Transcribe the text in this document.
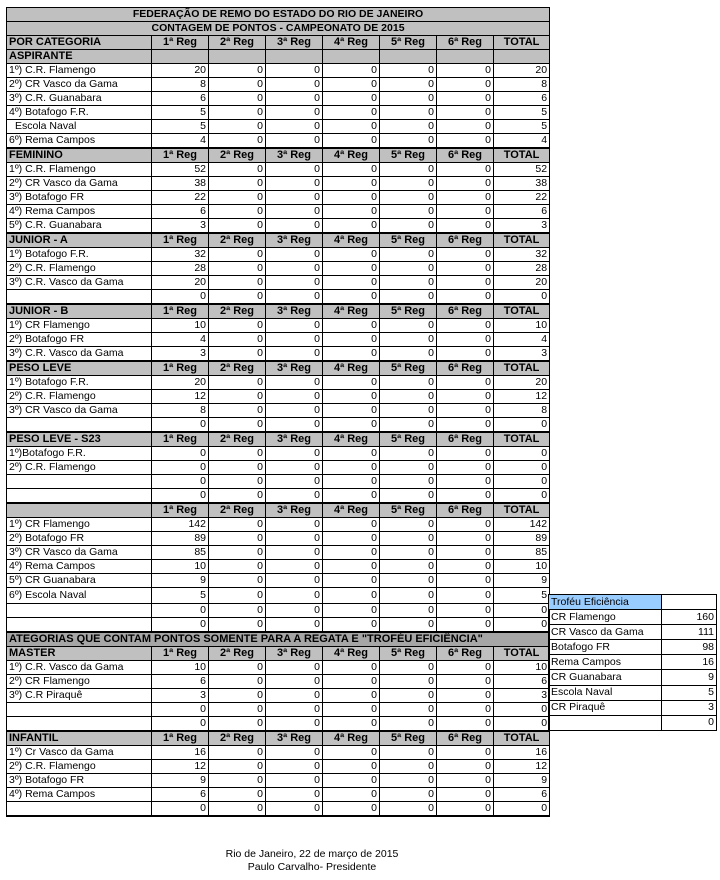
FEDERAÇÃO DE REMO DO ESTADO DO RIO DE JANEIRO							
CONTAGEM DE PONTOS - CAMPEONATO DE 2015							
POR CATEGORIA	1ª Reg	2ª Reg	3ª Reg	4ª Reg	5ª Reg	6ª Reg	TOTAL
ASPIRANTE							
1º) C.R. Flamengo	20	0	0	0	0	0	20
2º) CR Vasco da Gama	8	0	0	0	0	0	8
3º) C.R. Guanabara	6	0	0	0	0	0	6
4º) Botafogo F.R.	5	0	0	0	0	0	5
Escola Naval	5	0	0	0	0	0	5
6º) Rema Campos	4	0	0	0	0	0	4
FEMININO	1ª Reg	2ª Reg	3ª Reg	4ª Reg	5ª Reg	6ª Reg	TOTAL
1º) C.R. Flamengo	52	0	0	0	0	0	52
2º) CR Vasco da Gama	38	0	0	0	0	0	38
3º) Botafogo FR	22	0	0	0	0	0	22
4º) Rema Campos	6	0	0	0	0	0	6
5º) C.R. Guanabara	3	0	0	0	0	0	3
JUNIOR - A	1ª Reg	2ª Reg	3ª Reg	4ª Reg	5ª Reg	6ª Reg	TOTAL
1º) Botafogo F.R.	32	0	0	0	0	0	32
2º) C.R. Flamengo	28	0	0	0	0	0	28
3º) C.R. Vasco da Gama	20	0	0	0	0	0	20
	0	0	0	0	0	0	0
JUNIOR - B	1ª Reg	2ª Reg	3ª Reg	4ª Reg	5ª Reg	6ª Reg	TOTAL
1º) CR Flamengo	10	0	0	0	0	0	10
2º) Botafogo FR	4	0	0	0	0	0	4
3º) C.R. Vasco da Gama	3	0	0	0	0	0	3
PESO LEVE	1ª Reg	2ª Reg	3ª Reg	4ª Reg	5ª Reg	6ª Reg	TOTAL
1º) Botafogo F.R.	20	0	0	0	0	0	20
2º) C.R. Flamengo	12	0	0	0	0	0	12
3º) CR Vasco da Gama	8	0	0	0	0	0	8
	0	0	0	0	0	0	0
PESO LEVE - S23	1ª Reg	2ª Reg	3ª Reg	4ª Reg	5ª Reg	6ª Reg	TOTAL
1º)Botafogo F.R.	0	0	0	0	0	0	0
2º) C.R. Flamengo	0	0	0	0	0	0	0
	0	0	0	0	0	0	0
	0	0	0	0	0	0	0
	1ª Reg	2ª Reg	3ª Reg	4ª Reg	5ª Reg	6ª Reg	TOTAL
1º) CR Flamengo	142	0	0	0	0	0	142
2º) Botafogo FR	89	0	0	0	0	0	89
3º) CR Vasco da Gama	85	0	0	0	0	0	85
4º) Rema Campos	10	0	0	0	0	0	10
5º) CR Guanabara	9	0	0	0	0	0	9
6º) Escola Naval	5	0	0	0	0	0	5
	0	0	0	0	0	0	0
	0	0	0	0	0	0	0
ATEGORIAS QUE CONTAM PONTOS SOMENTE PARA A REGATA E "TROFÉU EFICIÊNCIA"							
MASTER	1ª Reg	2ª Reg	3ª Reg	4ª Reg	5ª Reg	6ª Reg	TOTAL
1º) C.R. Vasco da Gama	10	0	0	0	0	0	10
2º) CR Flamengo	6	0	0	0	0	0	6
3º) C.R Piraquê	3	0	0	0	0	0	3
	0	0	0	0	0	0	0
	0	0	0	0	0	0	0
INFANTIL	1ª Reg	2ª Reg	3ª Reg	4ª Reg	5ª Reg	6ª Reg	TOTAL
1º) Cr Vasco da Gama	16	0	0	0	0	0	16
2º) C.R. Flamengo	12	0	0	0	0	0	12
3º) Botafogo FR	9	0	0	0	0	0	9
4º) Rema Campos	6	0	0	0	0	0	6
	0	0	0	0	0	0	0
Troféu Eficiência	
CR Flamengo	160
CR Vasco da Gama	111
Botafogo FR	98
Rema Campos	16
CR Guanabara	9
Escola Naval	5
CR Piraquê	3
	0
Rio de Janeiro, 22 de março de 2015
Paulo Carvalho- Presidente
